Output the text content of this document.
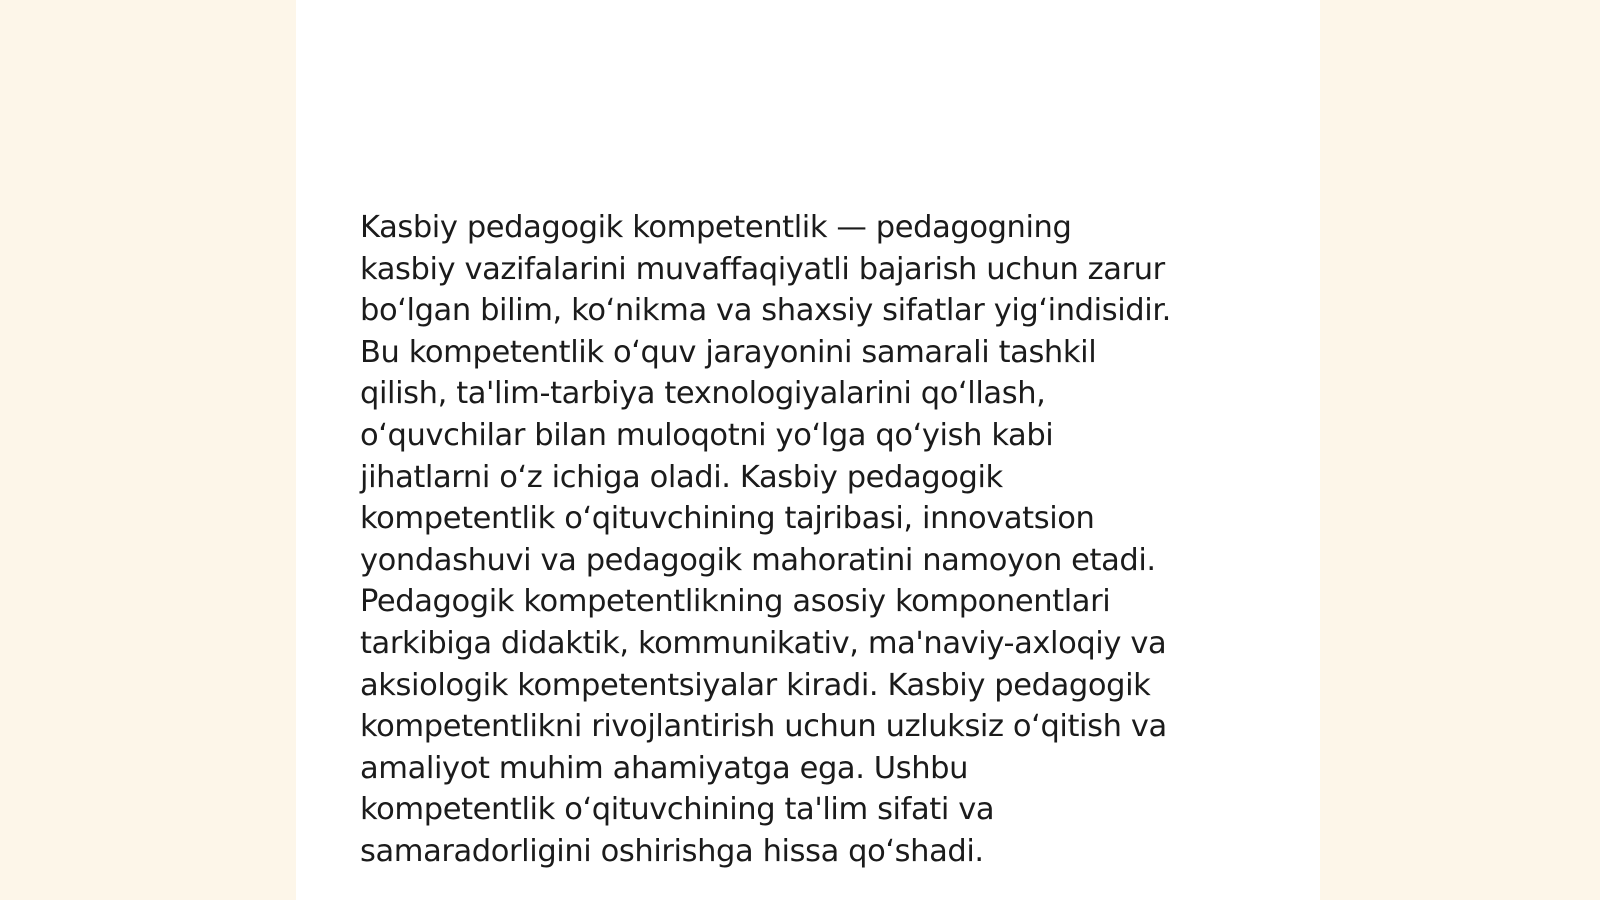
Kasbiy pedagogik kompetentlik — pedagogning
kasbiy vazifalarini muvaffaqiyatli bajarish uchun zarur
bo‘lgan bilim, ko‘nikma va shaxsiy sifatlar yig‘indisidir.
Bu kompetentlik o‘quv jarayonini samarali tashkil
qilish, ta'lim-tarbiya texnologiyalarini qo‘llash,
o‘quvchilar bilan muloqotni yo‘lga qo‘yish kabi
jihatlarni o‘z ichiga oladi. Kasbiy pedagogik
kompetentlik o‘qituvchining tajribasi, innovatsion
yondashuvi va pedagogik mahoratini namoyon etadi.
Pedagogik kompetentlikning asosiy komponentlari
tarkibiga didaktik, kommunikativ, ma'naviy-axloqiy va
aksiologik kompetentsiyalar kiradi. Kasbiy pedagogik
kompetentlikni rivojlantirish uchun uzluksiz o‘qitish va
amaliyot muhim ahamiyatga ega. Ushbu
kompetentlik o‘qituvchining ta'lim sifati va
samaradorligini oshirishga hissa qo‘shadi.
